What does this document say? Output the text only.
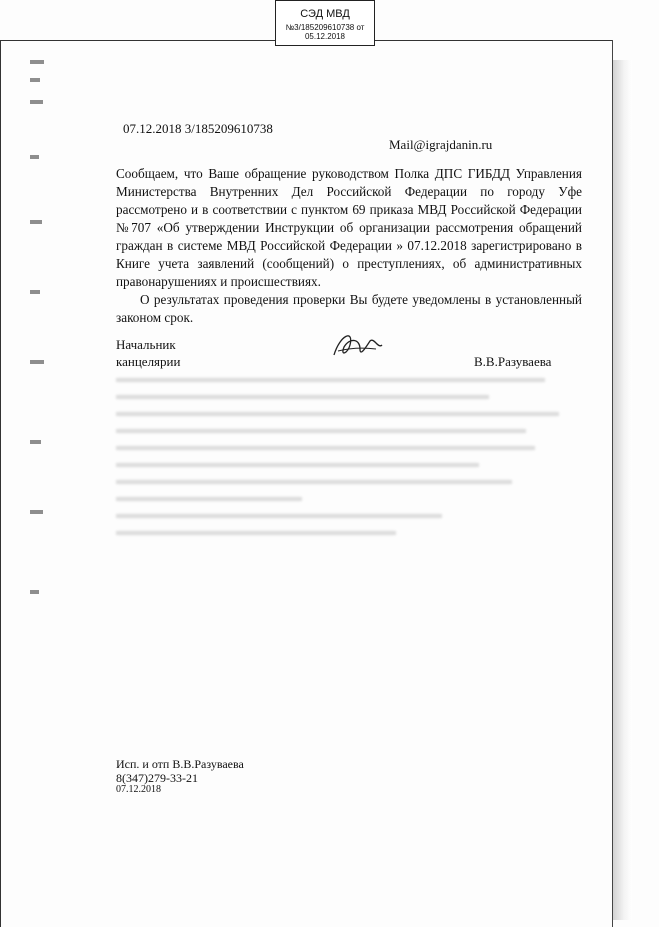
СЭД МВД
№3/185209610738 от 05.12.2018
07.12.2018 3/185209610738
Mail@igrajdanin.ru

Сообщаем, что Ваше обращение руководством Полка ДПС ГИБДД Управления Министерства Внутренних Дел Российской Федерации по городу Уфе рассмотрено и в соответствии с пунктом 69 приказа МВД Российской Федерации №707 «Об утверждении Инструкции об организации рассмотрения обращений граждан в системе МВД Российской Федерации » 07.12.2018 зарегистрировано в Книге учета заявлений (сообщений) о преступлениях, об административных правонарушениях и происшествиях.

О результатах проведения проверки Вы будете уведомлены в установленный законом срок.

Начальник
канцелярии	В.В.Разуваева
Исп. и отп В.В.Разуваева
8(347)279-33-21
07.12.2018
